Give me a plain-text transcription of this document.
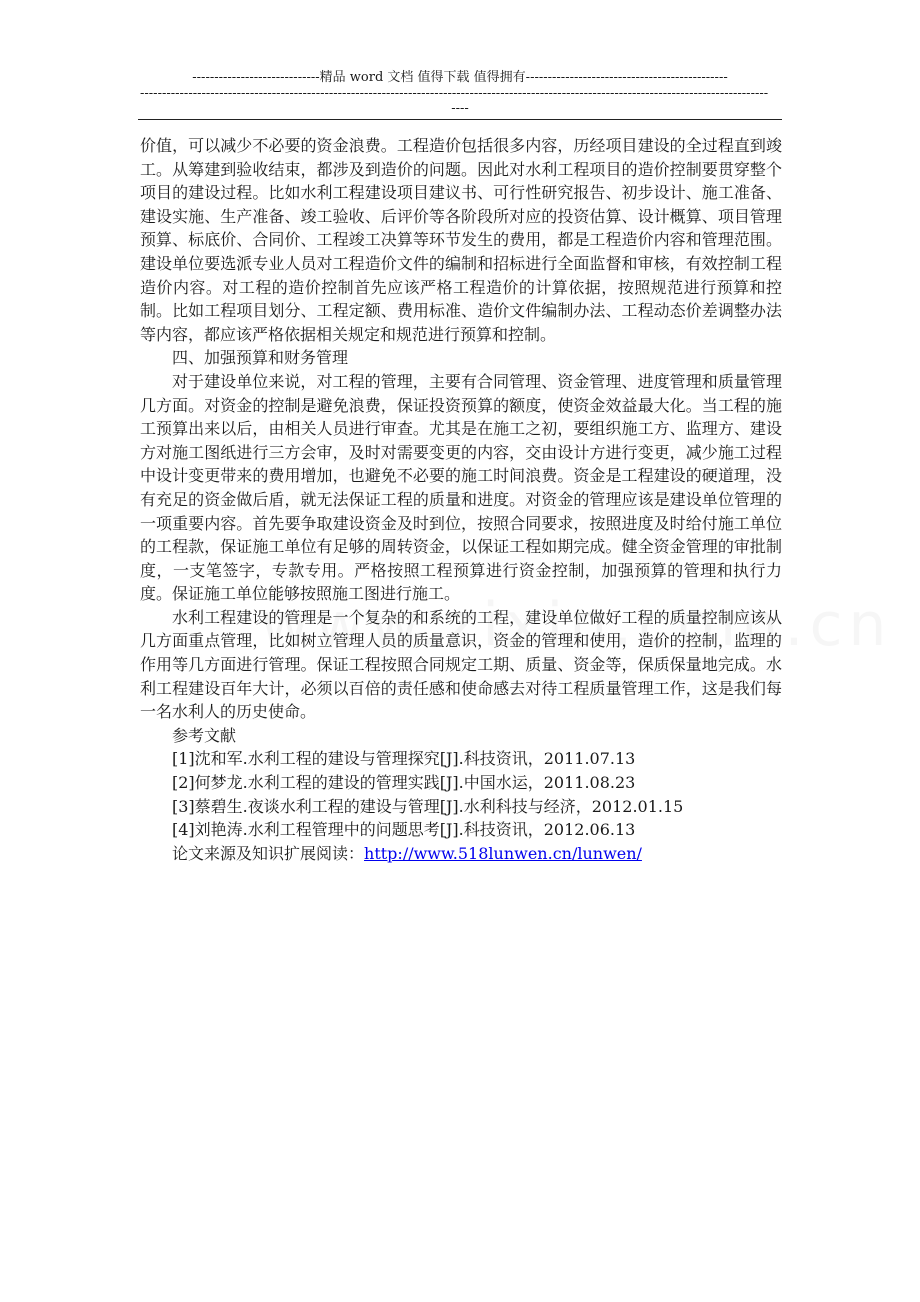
-----------------------------精品 word 文档 值得下载 值得拥有----------------------------------------------
-----------------------------------------------------------------------------------------------------------------------------------------------
----

价值，可以减少不必要的资金浪费。工程造价包括很多内容，历经项目建设的全过程直到竣工。从筹建到验收结束，都涉及到造价的问题。因此对水利工程项目的造价控制要贯穿整个项目的建设过程。比如水利工程建设项目建议书、可行性研究报告、初步设计、施工准备、建设实施、生产准备、竣工验收、后评价等各阶段所对应的投资估算、设计概算、项目管理预算、标底价、合同价、工程竣工决算等环节发生的费用，都是工程造价内容和管理范围。建设单位要选派专业人员对工程造价文件的编制和招标进行全面监督和审核，有效控制工程造价内容。对工程的造价控制首先应该严格工程造价的计算依据，按照规范进行预算和控制。比如工程项目划分、工程定额、费用标准、造价文件编制办法、工程动态价差调整办法等内容，都应该严格依据相关规定和规范进行预算和控制。

四、加强预算和财务管理

对于建设单位来说，对工程的管理，主要有合同管理、资金管理、进度管理和质量管理几方面。对资金的控制是避免浪费，保证投资预算的额度，使资金效益最大化。当工程的施工预算出来以后，由相关人员进行审查。尤其是在施工之初，要组织施工方、监理方、建设方对施工图纸进行三方会审，及时对需要变更的内容，交由设计方进行变更，减少施工过程中设计变更带来的费用增加，也避免不必要的施工时间浪费。资金是工程建设的硬道理，没有充足的资金做后盾，就无法保证工程的质量和进度。对资金的管理应该是建设单位管理的一项重要内容。首先要争取建设资金及时到位，按照合同要求，按照进度及时给付施工单位的工程款，保证施工单位有足够的周转资金，以保证工程如期完成。健全资金管理的审批制度，一支笔签字，专款专用。严格按照工程预算进行资金控制，加强预算的管理和执行力度。保证施工单位能够按照施工图进行施工。

水利工程建设的管理是一个复杂的和系统的工程，建设单位做好工程的质量控制应该从几方面重点管理，比如树立管理人员的质量意识，资金的管理和使用，造价的控制，监理的作用等几方面进行管理。保证工程按照合同规定工期、质量、资金等，保质保量地完成。水利工程建设百年大计，必须以百倍的责任感和使命感去对待工程质量管理工作，这是我们每一名水利人的历史使命。

参考文献

[1]沈和军.水利工程的建设与管理探究[J].科技资讯，2011.07.13

[2]何梦龙.水利工程的建设的管理实践[J].中国水运，2011.08.23

[3]蔡碧生.夜谈水利工程的建设与管理[J].水利科技与经济，2012.01.15

[4]刘艳涛.水利工程管理中的问题思考[J].科技资讯，2012.06.13

论文来源及知识扩展阅读：http://www.518lunwen.cn/lunwen/
